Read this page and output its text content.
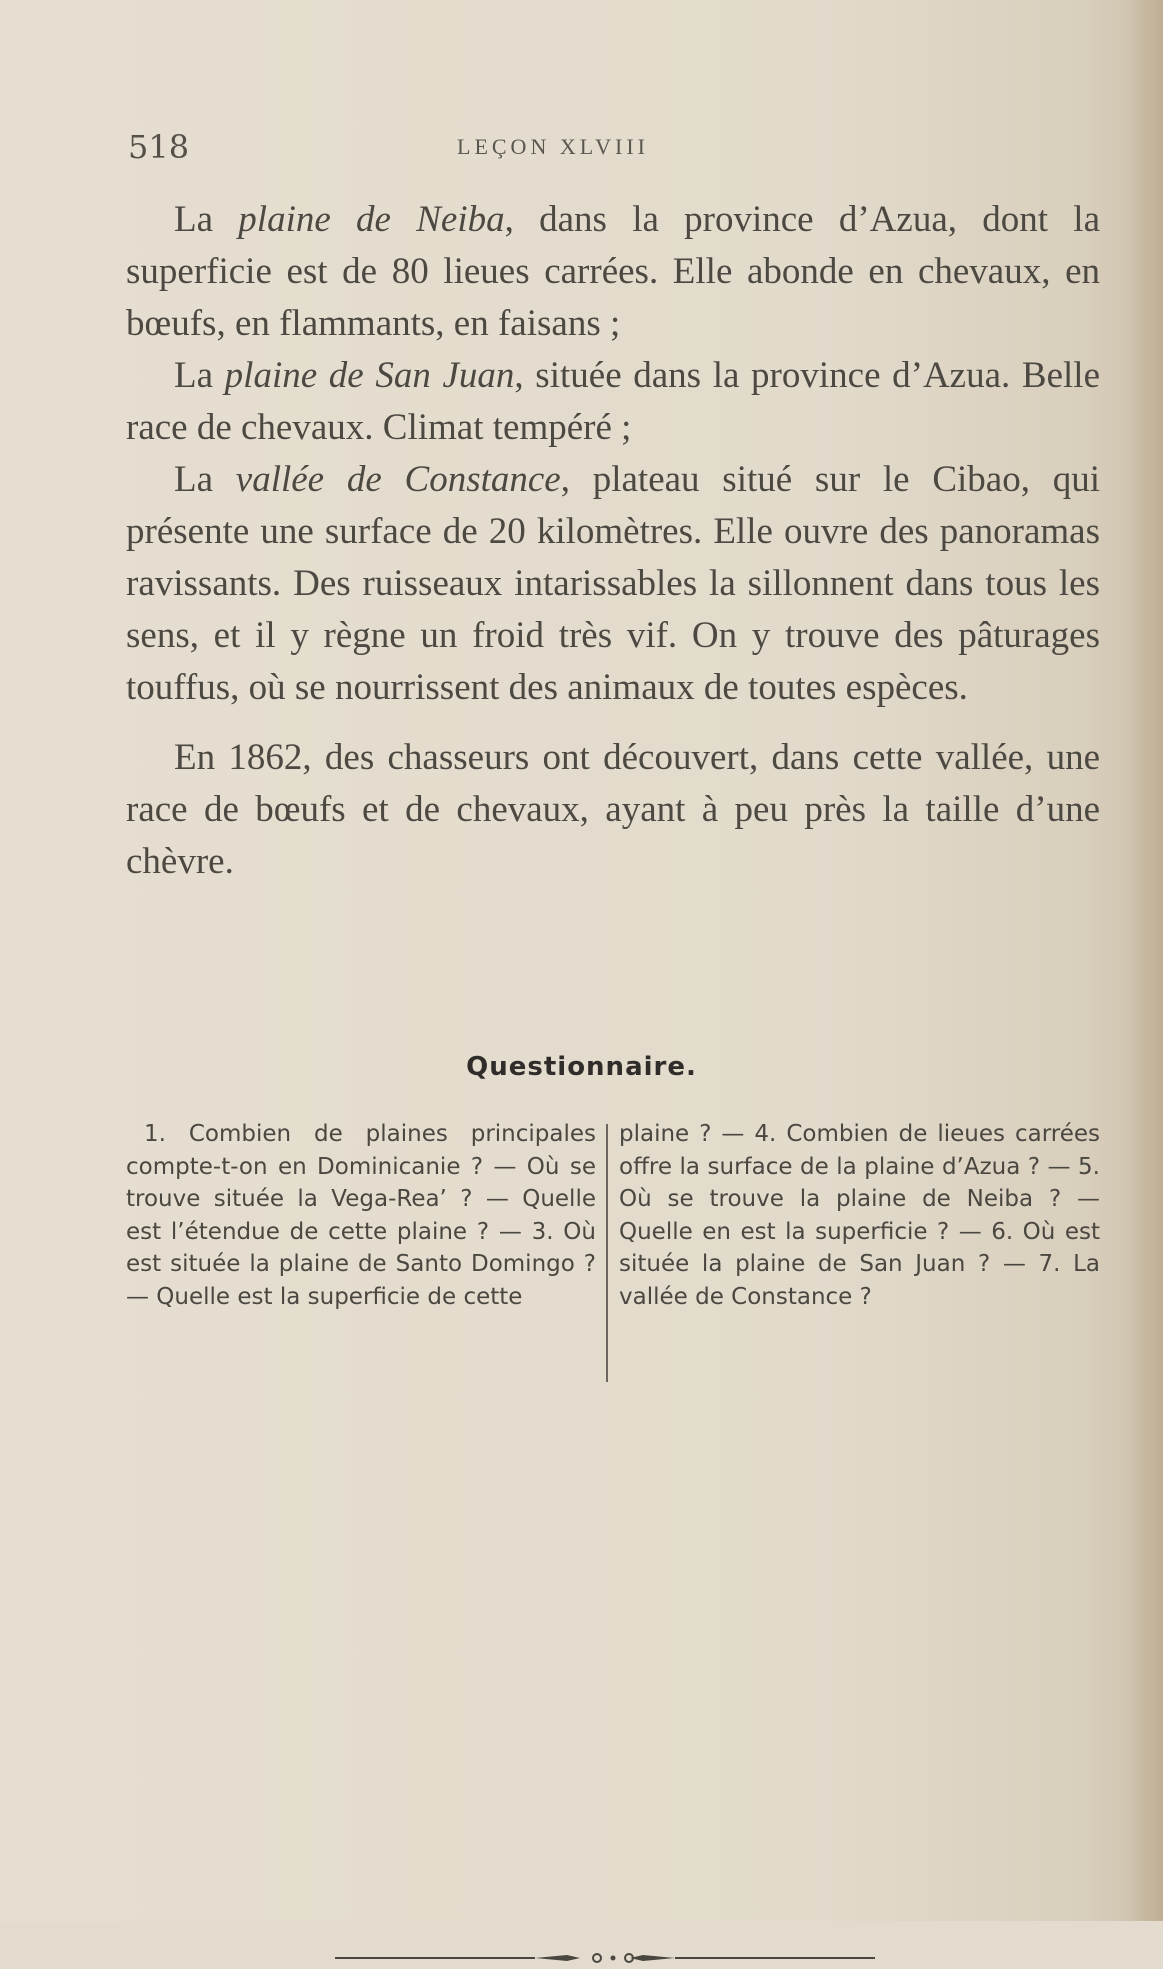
518	LEÇON XLVIII

La plaine de Neiba, dans la province d’Azua, dont la superficie est de 80 lieues carrées. Elle abonde en chevaux, en bœufs, en flammants, en faisans ;

La plaine de San Juan, située dans la province d’Azua. Belle race de chevaux. Climat tempéré ;

La vallée de Constance, plateau situé sur le Cibao, qui présente une surface de 20 kilomètres. Elle ouvre des panoramas ravissants. Des ruisseaux intarissables la sillonnent dans tous les sens, et il y règne un froid très vif. On y trouve des pâturages touffus, où se nourrissent des animaux de toutes espèces.

En 1862, des chasseurs ont découvert, dans cette vallée, une race de bœufs et de chevaux, ayant à peu près la taille d’une chèvre.

Questionnaire.
1. Combien de plaines principales compte-t-on en Dominicanie ? — Où se trouve située la Vega-Rea’ ? — Quelle est l’étendue de cette plaine ? — 3. Où est située la plaine de Santo Domingo ? — Quelle est la superficie de cette
plaine ? — 4. Combien de lieues carrées offre la surface de la plaine d’Azua ? — 5. Où se trouve la plaine de Neiba ? — Quelle en est la superficie ? — 6. Où est située la plaine de San Juan ? — 7. La vallée de Constance ?
